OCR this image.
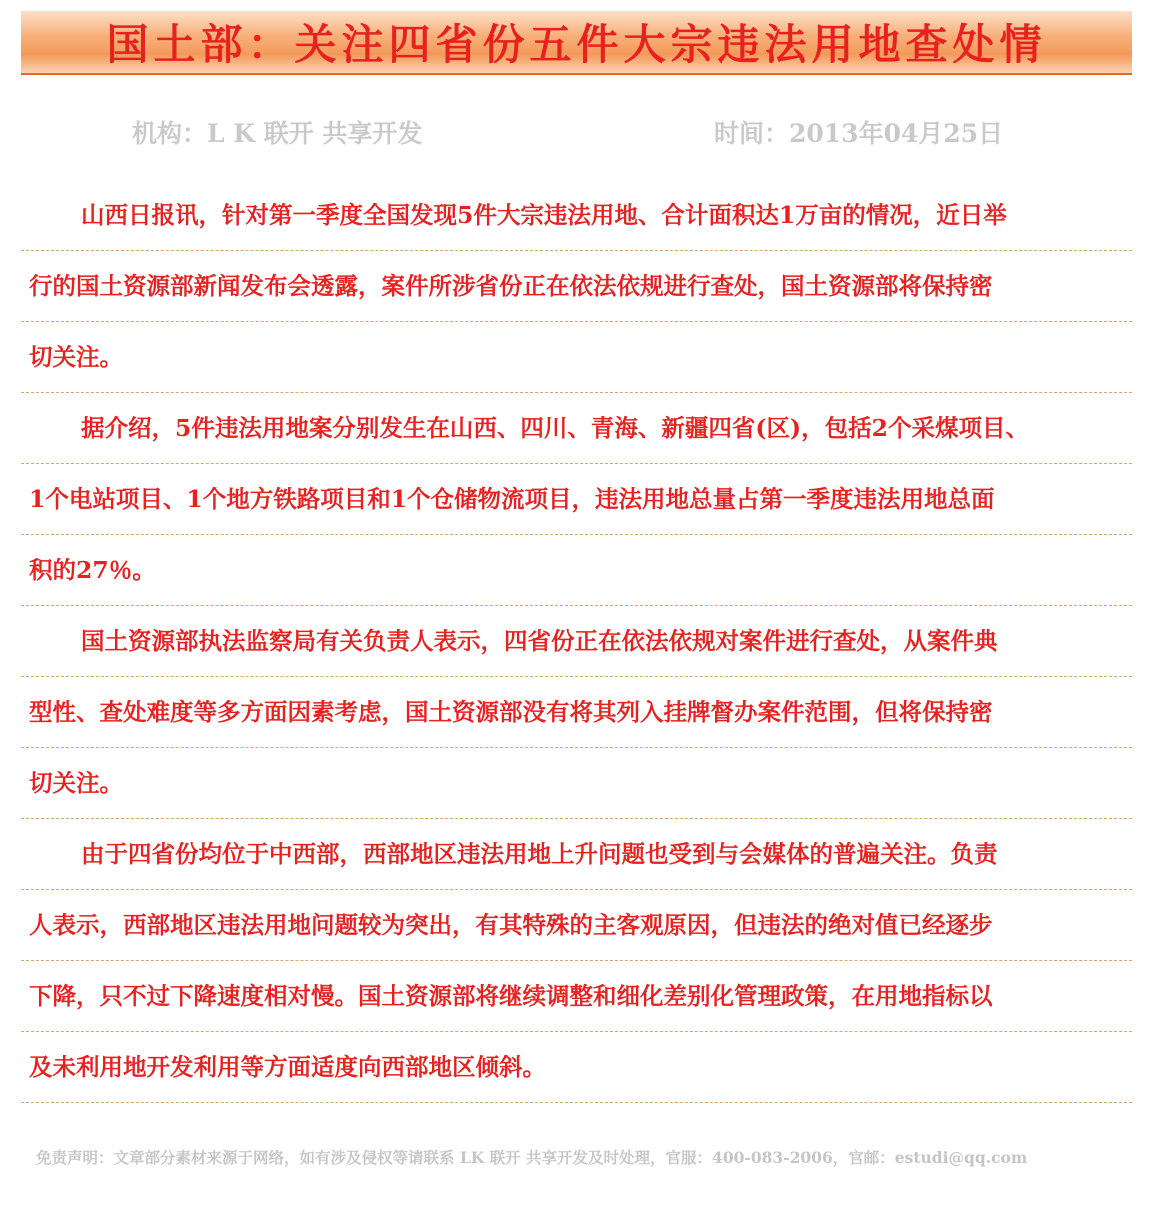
国土部：关注四省份五件大宗违法用地查处情
机构：L K 联开 共享开发	时间：2013年04月25日
山西日报讯，针对第一季度全国发现5件大宗违法用地、合计面积达1万亩的情况，近日举
行的国土资源部新闻发布会透露，案件所涉省份正在依法依规进行查处，国土资源部将保持密
切关注。
据介绍，5件违法用地案分别发生在山西、四川、青海、新疆四省(区)，包括2个采煤项目、
1个电站项目、1个地方铁路项目和1个仓储物流项目，违法用地总量占第一季度违法用地总面
积的27％。
国土资源部执法监察局有关负责人表示，四省份正在依法依规对案件进行查处，从案件典
型性、查处难度等多方面因素考虑，国土资源部没有将其列入挂牌督办案件范围，但将保持密
切关注。
由于四省份均位于中西部，西部地区违法用地上升问题也受到与会媒体的普遍关注。负责
人表示，西部地区违法用地问题较为突出，有其特殊的主客观原因，但违法的绝对值已经逐步
下降，只不过下降速度相对慢。国土资源部将继续调整和细化差别化管理政策，在用地指标以
及未利用地开发利用等方面适度向西部地区倾斜。
免责声明：文章部分素材来源于网络，如有涉及侵权等请联系 LK 联开 共享开发及时处理，官服：400-083-2006，官邮：estudi@qq.com
